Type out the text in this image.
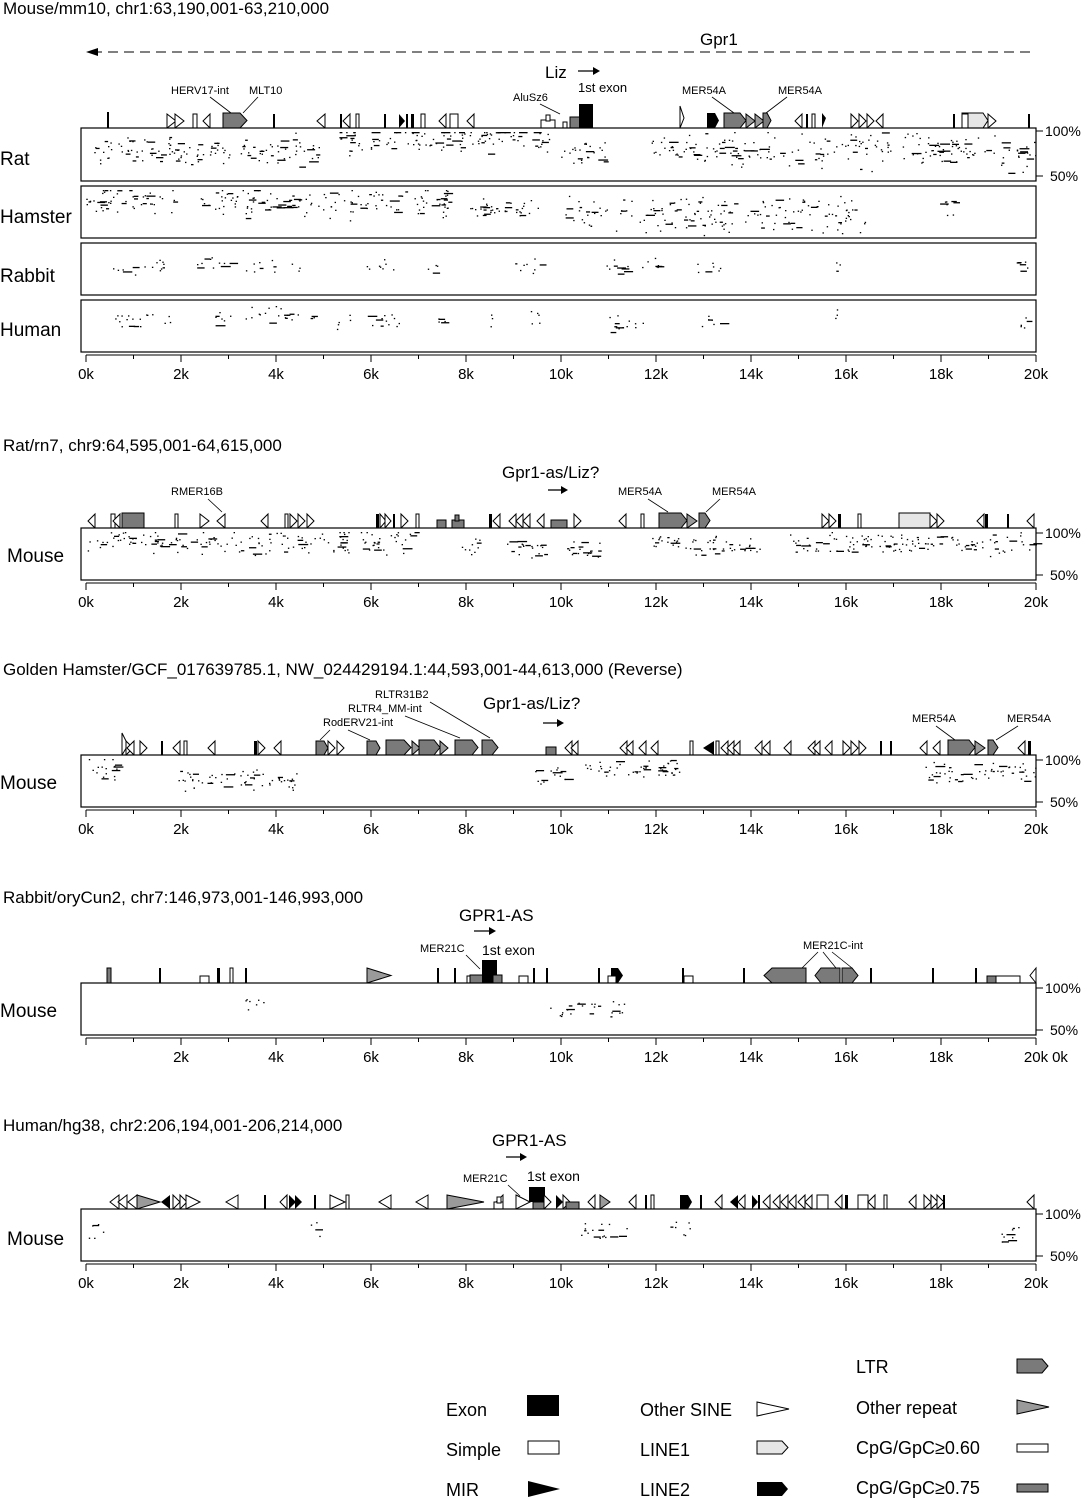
Mouse/mm10, chr1:63,190,001-63,210,000
Gpr1
Liz
1st exon
HERV17-int MLT10
AluSz6
MER54A	MER54A
Rat
Hamster
Rabbit
Human
100%
50%
0k	2k	4k	6k	8k	10k	12k	14k	16k	18k	20k
Rat/rn7, chr9:64,595,001-64,615,000
Gpr1-as/Liz?
RMER16B	MER54A	MER54A
Mouse
100%
50%
0k	2k	4k	6k	8k	10k	12k	14k	16k	18k	20k
Golden Hamster/GCF_017639785.1, NW_024429194.1:44,593,001-44,613,000 (Reverse)
Gpr1-as/Liz?
RLTR31B2
RLTR4_MM-int
RodERV21-int	MER54A	MER54A
Mouse
100%
50%
0k	2k	4k	6k	8k	10k	12k	14k	16k	18k	20k
Rabbit/oryCun2, chr7:146,973,001-146,993,000
GPR1-AS
1st exon
MER21C	MER21C-int
Mouse
100%
50%
2k	4k	6k	8k	10k	12k	14k	16k	18k	20k 0k
Human/hg38, chr2:206,194,001-206,214,000
GPR1-AS
1st exon
MER21C
Mouse
100%
50%
0k	2k	4k	6k	8k	10k	12k	14k	16k	18k	20k
Exon
Simple
MIR
Other SINE
LINE1
LINE2
LTR
Other repeat
CpG/GpC≥0.60
CpG/GpC≥0.75
